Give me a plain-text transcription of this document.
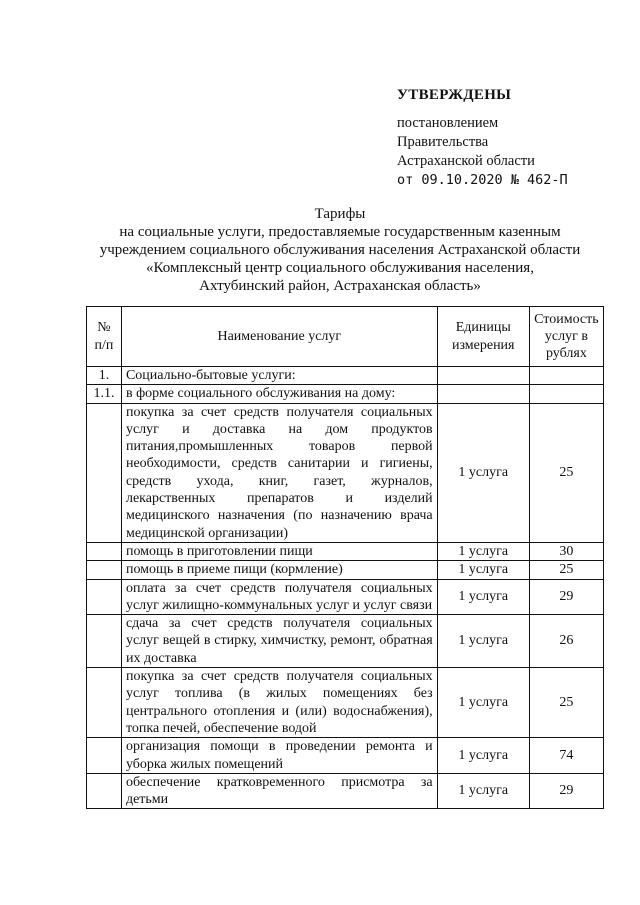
УТВЕРЖДЕНЫ
постановлением
Правительства
Астраханской области
от 09.10.2020 № 462-П
Тарифы
на социальные услуги, предоставляемые государственным казенным
учреждением социального обслуживания населения Астраханской области
«Комплексный центр социального обслуживания населения,
Ахтубинский район, Астраханская область»
№ п/п	Наименование услуг	Единицы измерения	Стоимость услуг в рублях
1.	Социально-бытовые услуги:		
1.1.	в форме социального обслуживания на дому:		
	покупка за счет средств получателя социальных услуг и доставка на дом продуктов питания,промышленных товаров первой необходимости, средств санитарии и гигиены, средств ухода, книг, газет, журналов, лекарственных препаратов и изделий медицинского назначения (по назначению врача медицинской организации)	1 услуга	25
	помощь в приготовлении пищи	1 услуга	30
	помощь в приеме пищи (кормление)	1 услуга	25
	оплата за счет средств получателя социальных услуг жилищно-коммунальных услуг и услуг связи	1 услуга	29
	сдача за счет средств получателя социальных услуг вещей в стирку, химчистку, ремонт, обратная их доставка	1 услуга	26
	покупка за счет средств получателя социальных услуг топлива (в жилых помещениях без центрального отопления и (или) водоснабжения), топка печей, обеспечение водой	1 услуга	25
	организация помощи в проведении ремонта и уборка жилых помещений	1 услуга	74
	обеспечение кратковременного присмотра за детьми	1 услуга	29
